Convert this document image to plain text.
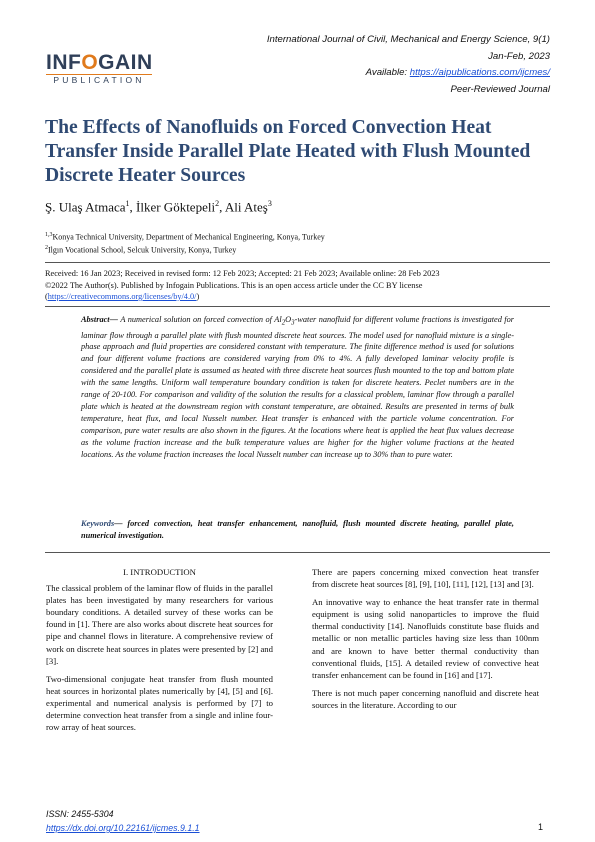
INFOGAIN
PUBLICATION
International Journal of Civil, Mechanical and Energy Science, 9(1)
Jan-Feb, 2023
Available: https://aipublications.com/ijcmes/
Peer-Reviewed Journal
The Effects of Nanofluids on Forced Convection Heat Transfer Inside Parallel Plate Heated with Flush Mounted Discrete Heater Sources
Ş. Ulaş Atmaca$^1$, İlker Göktepeli$^2$, Ali Ateş$^3$
$^{1,3}$Konya Technical University, Department of Mechanical Engineering, Konya, Turkey
$^2$Ilgın Vocational School, Selcuk University, Konya, Turkey
Received: 16 Jan 2023; Received in revised form: 12 Feb 2023; Accepted: 21 Feb 2023; Available online: 28 Feb 2023
©2022 The Author(s). Published by Infogain Publications. This is an open access article under the CC BY license
(https://creativecommons.org/licenses/by/4.0/)
Abstract— A numerical solution on forced convection of $Al_2O_3$-water nanofluid for different volume fractions is investigated for laminar flow through a parallel plate with flush mounted discrete heat sources. The model used for nanofluid mixture is a single-phase approach and fluid properties are considered constant with temperature. The finite difference method is used for solutions and four different volume fractions are considered varying from 0% to 4%. A fully developed laminar velocity profile is considered and the parallel plate is assumed as heated with three discrete heat sources flush mounted to the top and bottom plate with the same lengths. Uniform wall temperature boundary condition is taken for discrete heaters. Peclet numbers are in the range of 20-100. For comparison and validity of the solution the results for a classical problem, laminar flow through a parallel plate which is heated at the downstream region with constant temperature, are obtained. Results are presented in terms of bulk temperature, heat flux, and local Nusselt number. Heat transfer is enhanced with the particle volume concentration. For comparison, pure water results are also shown in the figures. At the locations where heat is applied the heat flux values decrease as the volume fraction increase and the bulk temperature values are higher for the higher volume fractions at the heated locations. As the volume fraction increases the local Nusselt number can increase up to 30% than to pure water.
Keywords— forced convection, heat transfer enhancement, nanofluid, flush mounted discrete heating, parallel plate, numerical investigation.
I. INTRODUCTION

The classical problem of the laminar flow of fluids in the parallel plates has been investigated by many researchers for various boundary conditions. A detailed survey of these works can be found in [1]. There are also works about discrete heat sources for pipe and channel flows in literature. A comprehensive review of work on discrete heat sources in plates were presented by [2] and [3].

Two-dimensional conjugate heat transfer from flush mounted heat sources in horizontal plates numerically by [4], [5] and [6]. experimental and numerical analysis is performed by [7] to determine convection heat transfer from a single and inline four-row array of heat sources.

There are papers concerning mixed convection heat transfer from discrete heat sources [8], [9], [10], [11], [12], [13] and [3].

An innovative way to enhance the heat transfer rate in thermal equipment is using solid nanoparticles to improve the fluid thermal conductivity [14]. Nanofluids constitute base fluids and metallic or non metallic particles having size less than 100nm and are known to have better thermal conductivity than conventional fluids, [15]. A detailed review of convective heat transfer enhancement can be found in [16] and [17].

There is not much paper concerning nanofluid and discrete heat sources in the literature. According to our

ISSN: 2455-5304
https://dx.doi.org/10.22161/ijcmes.9.1.1	1
